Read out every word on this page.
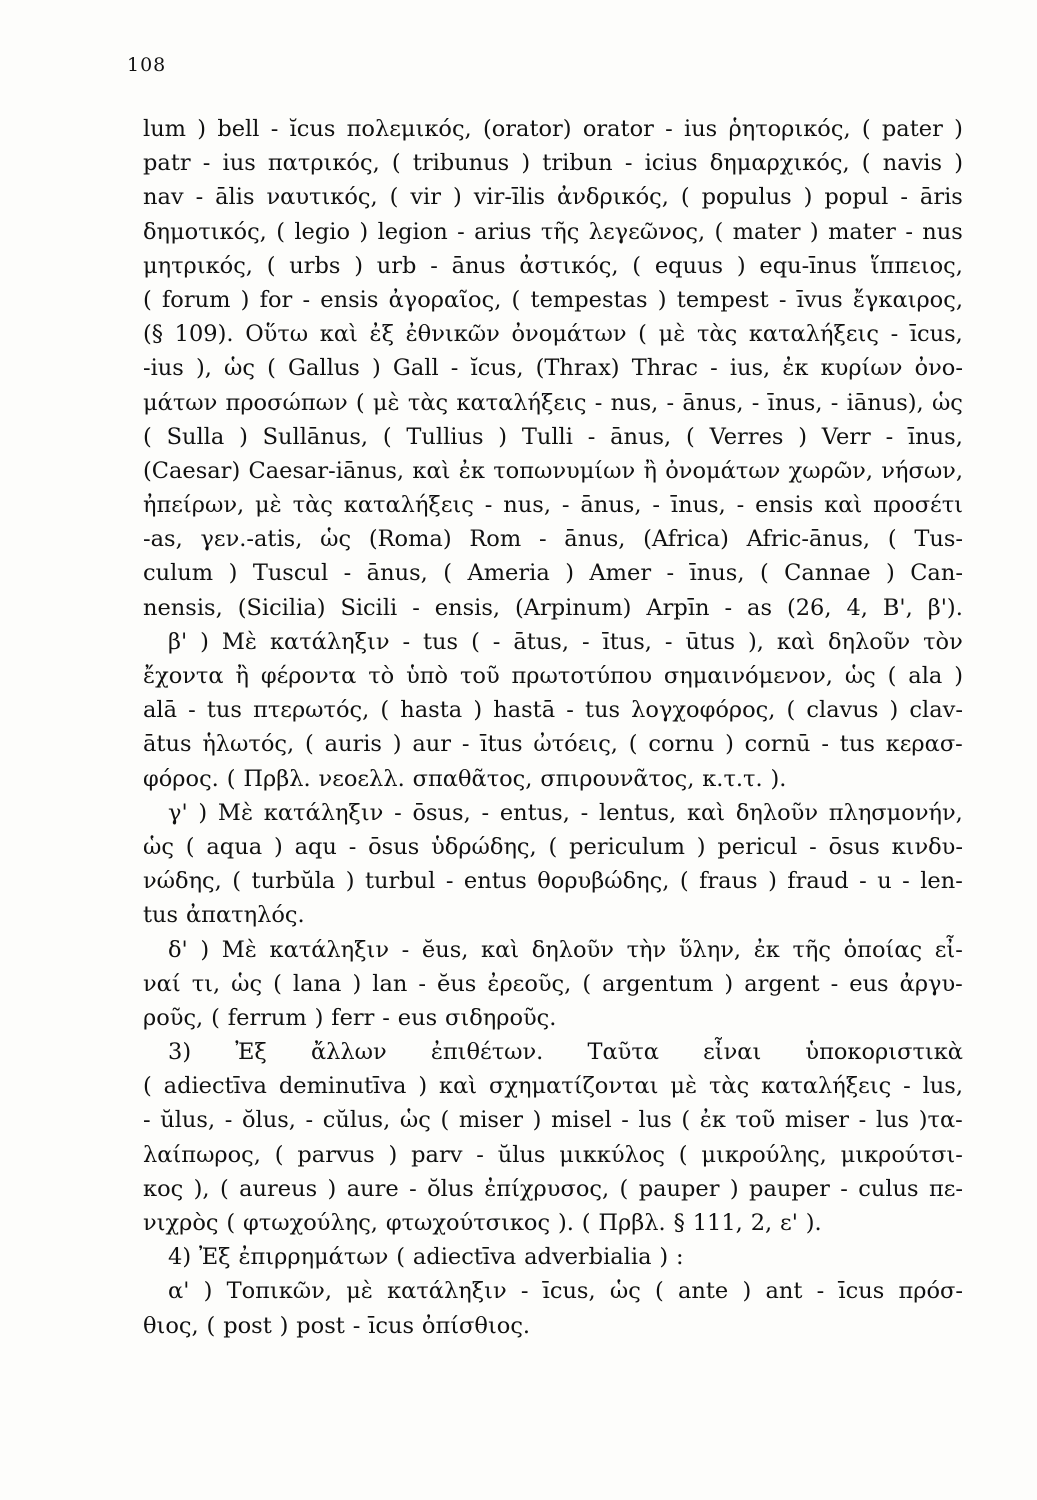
108
lum ) bell - ĭcus πολεμικός, (orator) orator - ius ῥητορικός, ( pater )
patr - ius πατρικός, ( tribunus ) tribun - icius δημαρχικός, ( navis )
nav - ālis ναυτικός, ( vir ) vir-īlis ἀνδρικός, ( populus ) popul - āris
δημοτικός, ( legio ) legion - arius τῆς λεγεῶνος, ( mater ) mater - nus
μητρικός, ( urbs ) urb - ānus ἀστικός, ( equus ) equ-īnus ἵππειος,
( forum ) for - ensis ἀγοραῖος, ( tempestas ) tempest - īvus ἔγκαιρος,
(§ 109). Οὕτω καὶ ἐξ ἐθνικῶν ὀνομάτων ( μὲ τὰς καταλήξεις - īcus,
-ius ), ὡς ( Gallus ) Gall - ĭcus, (Thrax) Thrac - ius, ἐκ κυρίων ὀνο-
μάτων προσώπων ( μὲ τὰς καταλήξεις - nus, - ānus, - īnus, - iānus), ὡς
( Sulla ) Sullānus, ( Tullius ) Tulli - ānus, ( Verres ) Verr - īnus,
(Caesar) Caesar-iānus, καὶ ἐκ τοπωνυμίων ἢ ὀνομάτων χωρῶν, νήσων,
ἠπείρων, μὲ τὰς καταλήξεις - nus, - ānus, - īnus, - ensis καὶ προσέτι
-as, γεν.-atis, ὡς (Roma) Rom - ānus, (Africa) Afric-ānus, ( Tus-
culum ) Tuscul - ānus, ( Ameria ) Amer - īnus, ( Cannae ) Can-
nensis, (Sicilia) Sicili - ensis, (Arpinum) Arpīn - as (26, 4, Β', β').
β' ) Μὲ κατάληξιν - tus ( - ātus, - ītus, - ūtus ), καὶ δηλοῦν τὸν
ἔχοντα ἢ φέροντα τὸ ὑπὸ τοῦ πρωτοτύπου σημαινόμενον, ὡς ( ala )
alā - tus πτερωτός, ( hasta ) hastā - tus λογχοφόρος, ( clavus ) clav-
ātus ἡλωτός, ( auris ) aur - ītus ὠτόεις, ( cornu ) cornū - tus κερασ-
φόρος. ( Πρβλ. νεοελλ. σπαθᾶτος, σπιρουνᾶτος, κ.τ.τ. ).
γ' ) Μὲ κατάληξιν - ōsus, - entus, - lentus, καὶ δηλοῦν πλησμονήν,
ὡς ( aqua ) aqu - ōsus ὑδρώδης, ( periculum ) pericul - ōsus κινδυ-
νώδης, ( turbŭla ) turbul - entus θορυβώδης, ( fraus ) fraud - u - len-
tus ἀπατηλός.
δ' ) Μὲ κατάληξιν - ĕus, καὶ δηλοῦν τὴν ὕλην, ἐκ τῆς ὁποίας εἶ-
ναί τι, ὡς ( lana ) lan - ĕus ἐρεοῦς, ( argentum ) argent - eus ἀργυ-
ροῦς, ( ferrum ) ferr - eus σιδηροῦς.
3) Ἐξ ἄλλων ἐπιθέτων. Ταῦτα εἶναι ὑποκοριστικὰ
( adiectīva deminutīva ) καὶ σχηματίζονται μὲ τὰς καταλήξεις - lus,
- ŭlus, - ŏlus, - cŭlus, ὡς ( miser ) misel - lus ( ἐκ τοῦ miser - lus )τα-
λαίπωρος, ( parvus ) parv - ŭlus μικκύλος ( μικρούλης, μικρούτσι-
κος ), ( aureus ) aure - ŏlus ἐπίχρυσος, ( pauper ) pauper - culus πε-
νιχρὸς ( φτωχούλης, φτωχούτσικος ). ( Πρβλ. § 111, 2, ε' ).
4) Ἐξ ἐπιρρημάτων ( adiectīva adverbialia ) :
α' ) Τοπικῶν, μὲ κατάληξιν - īcus, ὡς ( ante ) ant - īcus πρόσ-
θιος, ( post ) post - īcus ὀπίσθιος.
